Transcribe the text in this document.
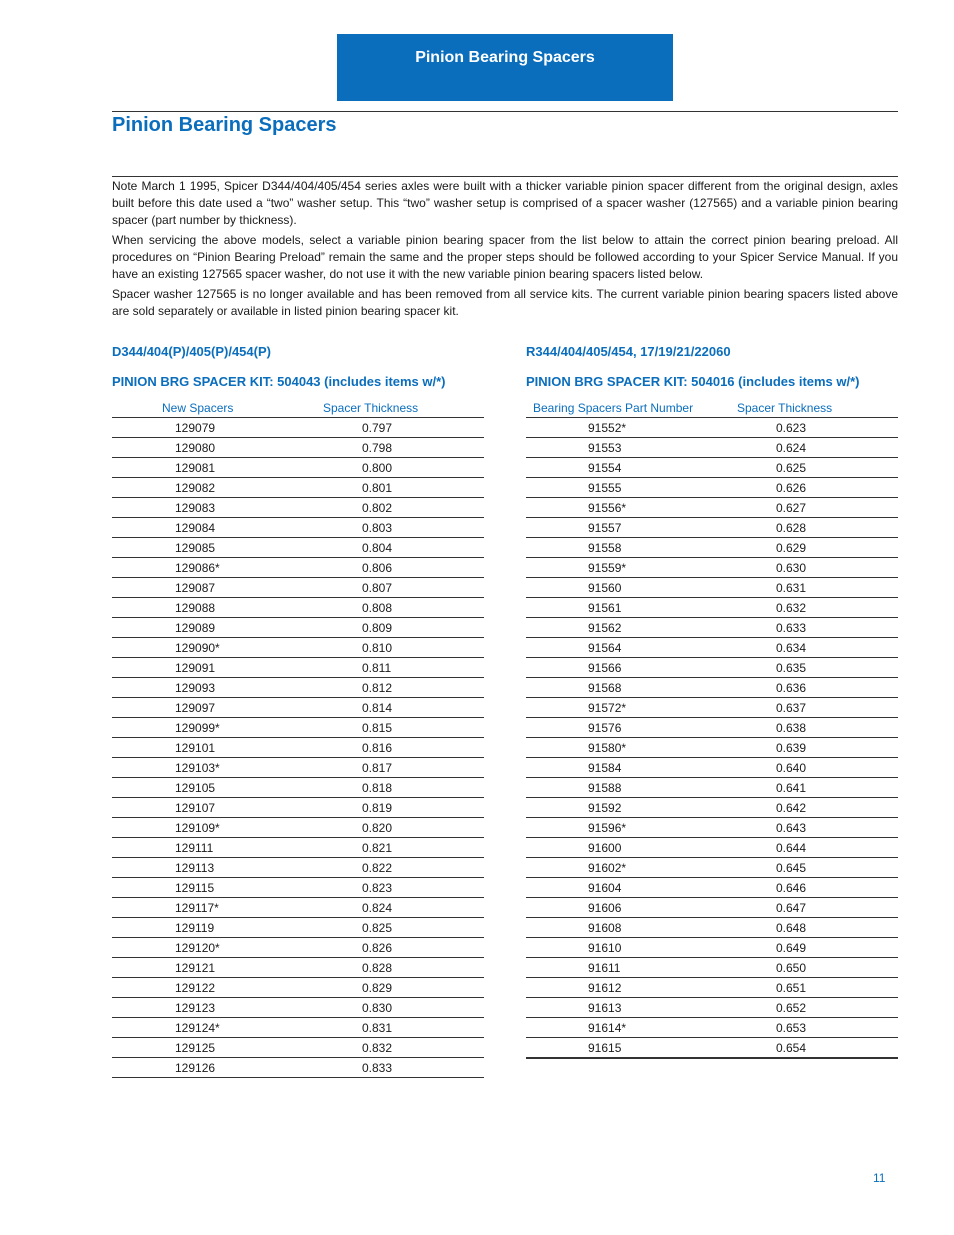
Pinion Bearing Spacers
Pinion Bearing Spacers

Note March 1 1995, Spicer D344/404/405/454 series axles were built with a thicker variable pinion spacer different from the original design, axles built before this date used a “two” washer setup. This “two” washer setup is comprised of a spacer washer (127565) and a variable pinion bearing spacer (part number by thickness).

When servicing the above models, select a variable pinion bearing spacer from the list below to attain the correct pinion bearing preload. All procedures on “Pinion Bearing Preload” remain the same and the proper steps should be followed according to your Spicer Service Manual. If you have an existing 127565 spacer washer, do not use it with the new variable pinion bearing spacers listed below.

Spacer washer 127565 is no longer available and has been removed from all service kits. The current variable pinion bearing spacers listed above are sold separately or available in listed pinion bearing spacer kit.

D344/404(P)/405(P)/454(P)
PINION BRG SPACER KIT: 504043 (includes items w/*)
New Spacers	Spacer Thickness
129079	0.797
129080	0.798
129081	0.800
129082	0.801
129083	0.802
129084	0.803
129085	0.804
129086*	0.806
129087	0.807
129088	0.808
129089	0.809
129090*	0.810
129091	0.811
129093	0.812
129097	0.814
129099*	0.815
129101	0.816
129103*	0.817
129105	0.818
129107	0.819
129109*	0.820
129111	0.821
129113	0.822
129115	0.823
129117*	0.824
129119	0.825
129120*	0.826
129121	0.828
129122	0.829
129123	0.830
129124*	0.831
129125	0.832
129126	0.833
R344/404/405/454, 17/19/21/22060
PINION BRG SPACER KIT: 504016 (includes items w/*)
Bearing Spacers Part Number	Spacer Thickness
91552*	0.623
91553	0.624
91554	0.625
91555	0.626
91556*	0.627
91557	0.628
91558	0.629
91559*	0.630
91560	0.631
91561	0.632
91562	0.633
91564	0.634
91566	0.635
91568	0.636
91572*	0.637
91576	0.638
91580*	0.639
91584	0.640
91588	0.641
91592	0.642
91596*	0.643
91600	0.644
91602*	0.645
91604	0.646
91606	0.647
91608	0.648
91610	0.649
91611	0.650
91612	0.651
91613	0.652
91614*	0.653
91615	0.654
11
